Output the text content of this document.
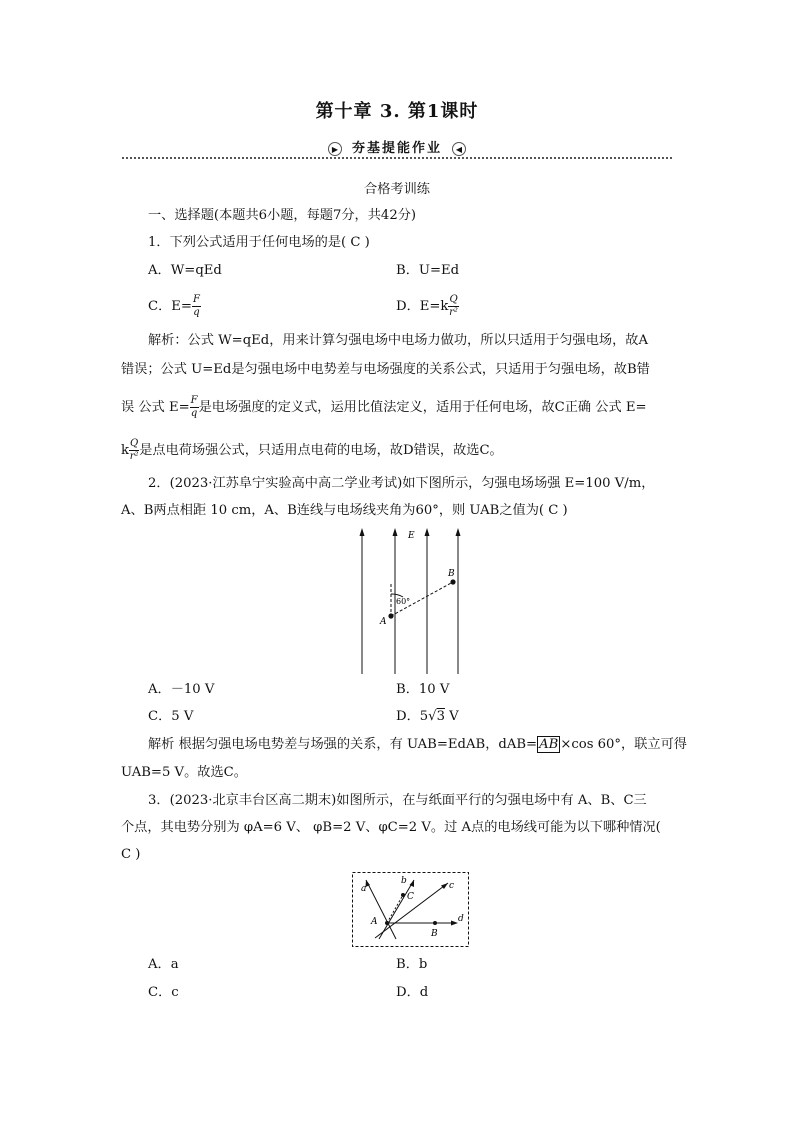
第十章 3. 第1课时
▶ 夯基提能作业 ◀
合格考训练
一、选择题(本题共6小题，每题7分，共42分)
1．下列公式适用于任何电场的是( C )
A．W=qEd	B．U=Ed
C．$E= \frac{F}{q}$	D．$E=k \frac{Q}{\text{r²}}$
解析：公式 W=qEd，用来计算匀强电场中电场力做功，所以只适用于匀强电场，故A
错误；公式 U=Ed是匀强电场中电势差与电场强度的关系公式，只适用于匀强电场，故B错
误 公式 $E= \frac{F}{q}$ 是电场强度的定义式，运用比值法定义，适用于任何电场，故C正确 公式 E=
k $\frac{Q}{\text{r²}}$ 是点电荷场强公式，只适用点电荷的电场，故D错误，故选C。
2．(2023·江苏阜宁实验高中高二学业考试)如下图所示，匀强电场场强 E=100 V/m，
A、B两点相距 10 cm，A、B连线与电场线夹角为60°，则 UAB之值为( C )
E
A
B
60°
A．－10 V	B．10 V
C．5 V	D．5√3 V
解析 根据匀强电场电势差与场强的关系，有 UAB=EdAB，dAB= AB ×cos 60°，联立可得
UAB=5 V。故选C。
3．(2023·北京丰台区高二期末)如图所示，在与纸面平行的匀强电场中有 A、B、C三
个点，其电势分别为 φA=6 V、 φB=2 V、φC=2 V。过 A点的电场线可能为以下哪种情况(
C )
a
b	c
d
A
B
C
A．a	B．b
C．c	D．d
